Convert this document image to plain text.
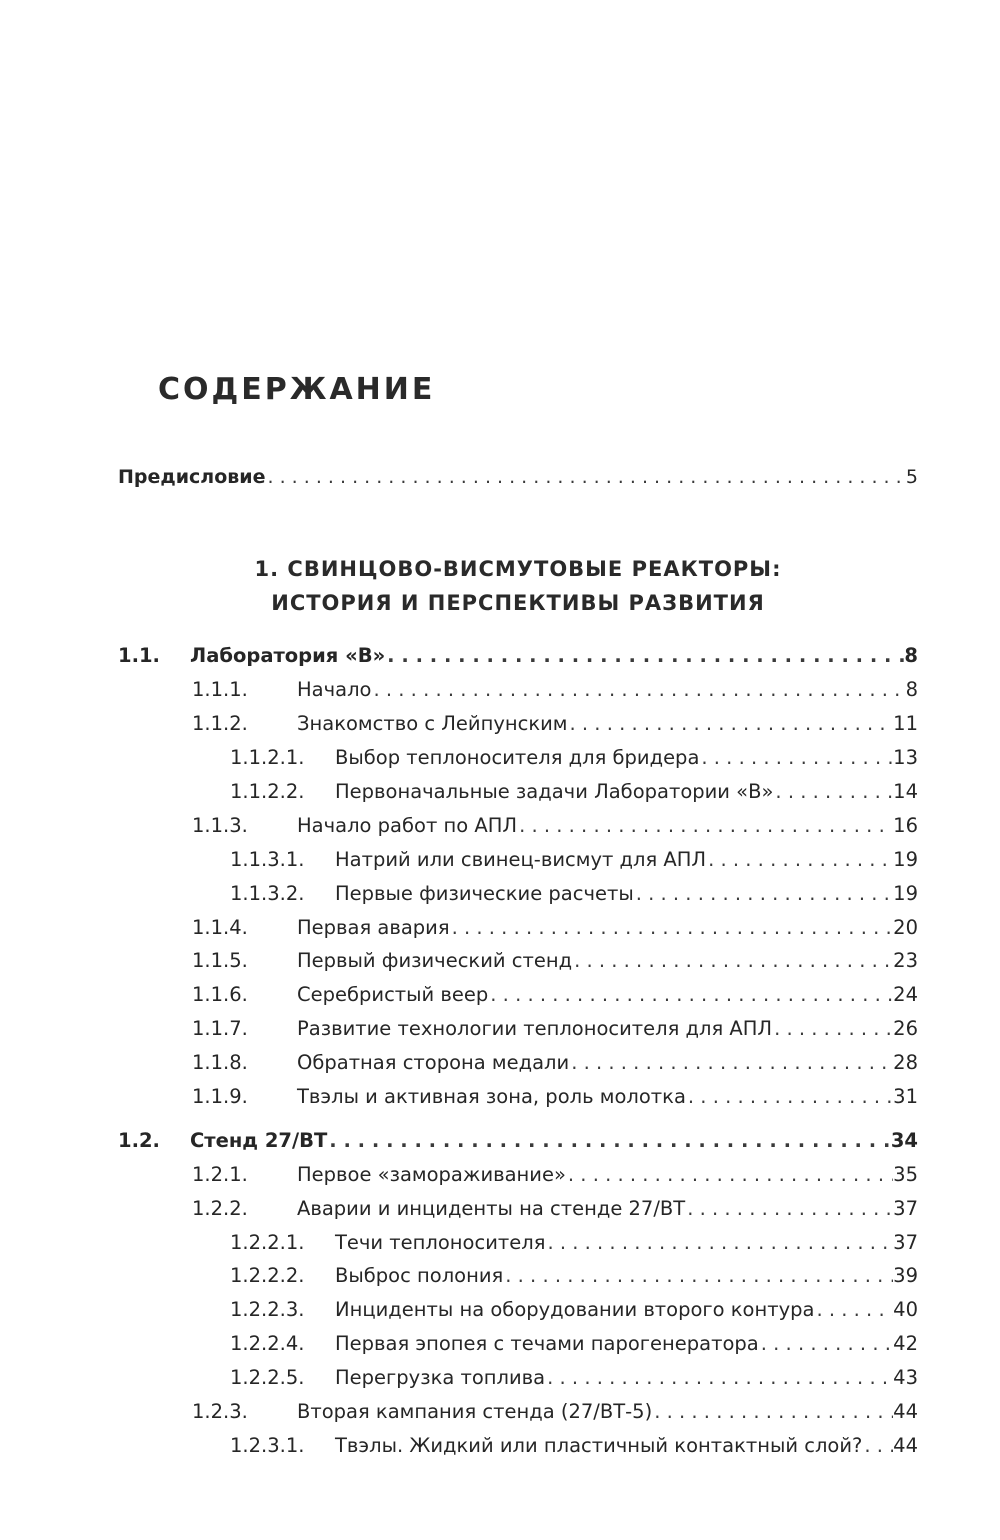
СОДЕРЖАНИЕ
Предисловие . . .	5
1. СВИНЦОВО-ВИСМУТОВЫЕ РЕАКТОРЫ:
ИСТОРИЯ И ПЕРСПЕКТИВЫ РАЗВИТИЯ
1.1. Лаборатория «В» . . .	8
1.1.1.	Начало . . .	8
1.1.2.	Знакомство с Лейпунским . . .	11
1.1.2.1. Выбор теплоносителя для бридера . . .	13
1.1.2.2. Первоначальные задачи Лаборатории «В» . . .	14
1.1.3.	Начало работ по АПЛ . . .	16
1.1.3.1. Натрий или свинец-висмут для АПЛ . . .	19
1.1.3.2. Первые физические расчеты . . .	19
1.1.4.	Первая авария . . .	20
1.1.5.	Первый физический стенд . . .	23
1.1.6.	Серебристый веер . . .	24
1.1.7.	Развитие технологии теплоносителя для АПЛ . . .	26
1.1.8.	Обратная сторона медали . . .	28
1.1.9.	Твэлы и активная зона, роль молотка . . .	31
1.2. Стенд 27/ВТ . . .	34
1.2.1.	Первое «замораживание» . . .	35
1.2.2.	Аварии и инциденты на стенде 27/ВТ . . .	37
1.2.2.1. Течи теплоносителя . . .	37
1.2.2.2. Выброс полония . . .	39
1.2.2.3. Инциденты на оборудовании второго контура . . .	40
1.2.2.4. Первая эпопея с течами парогенератора . . .	42
1.2.2.5. Перегрузка топлива . . .	43
1.2.3.	Вторая кампания стенда (27/ВТ-5) . . .	44
1.2.3.1. Твэлы. Жидкий или пластичный контактный слой? . . . 44
